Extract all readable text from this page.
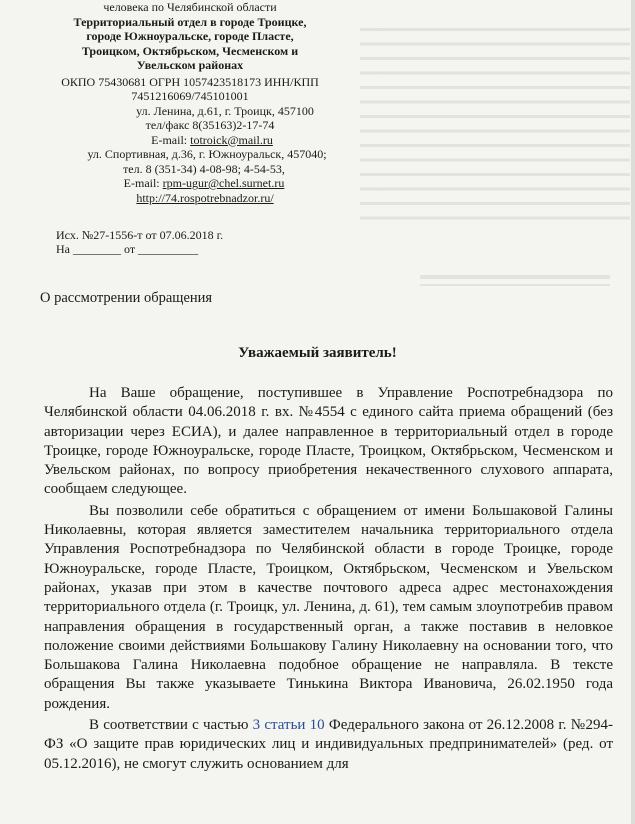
человека по Челябинской области
Территориальный отдел в городе Троицке,
городе Южноуральске, городе Пласте,
Троицком, Октябрьском, Чесменском и
Увельском районах
ОКПО 75430681 ОГРН 1057423518173 ИНН/КПП
7451216069/745101001
ул. Ленина, д.61, г. Троицк, 457100
тел/факс 8(35163)2-17-74
E-mail: totroick@mail.ru
ул. Спортивная, д.36, г. Южноуральск, 457040;
тел. 8 (351-34) 4-08-98; 4-54-53,
E-mail: rpm-ugur@chel.surnet.ru
http://74.rospotrebnadzor.ru/
Исх. №27-1556-т от 07.06.2018 г.
На ________ от __________
О рассмотрении обращения
Уважаемый заявитель!

На Ваше обращение, поступившее в Управление Роспотребнадзора по Челябинской области 04.06.2018 г. вх. №4554 с единого сайта приема обращений (без авторизации через ЕСИА), и далее направленное в территориальный отдел в городе Троицке, городе Южноуральске, городе Пласте, Троицком, Октябрьском, Чесменском и Увельском районах, по вопросу приобретения некачественного слухового аппарата, сообщаем следующее.

Вы позволили себе обратиться с обращением от имени Большаковой Галины Николаевны, которая является заместителем начальника территориального отдела Управления Роспотребнадзора по Челябинской области в городе Троицке, городе Южноуральске, городе Пласте, Троицком, Октябрьском, Чесменском и Увельском районах, указав при этом в качестве почтового адреса адрес местонахождения территориального отдела (г. Троицк, ул. Ленина, д. 61), тем самым злоупотребив правом направления обращения в государственный орган, а также поставив в неловкое положение своими действиями Большакову Галину Николаевну на основании того, что Большакова Галина Николаевна подобное обращение не направляла. В тексте обращения Вы также указываете Тинькина Виктора Ивановича, 26.02.1950 года рождения.

В соответствии с частью 3 статьи 10 Федерального закона от 26.12.2008 г. №294-ФЗ «О защите прав юридических лиц и индивидуальных предпринимателей» (ред. от 05.12.2016), не смогут служить основанием для
